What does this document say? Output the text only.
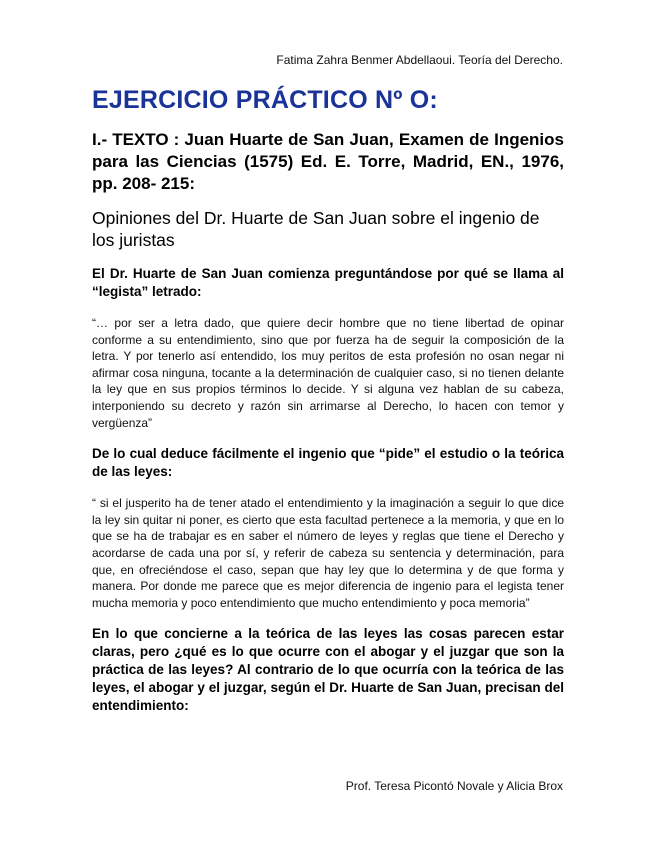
Fatima Zahra Benmer Abdellaoui. Teoría del Derecho.
EJERCICIO PRÁCTICO Nº O:

I.- TEXTO : Juan Huarte de San Juan, Examen de Ingenios para las Ciencias (1575) Ed. E. Torre, Madrid, EN., 1976, pp. 208- 215:

Opiniones del Dr. Huarte de San Juan sobre el ingenio de los juristas

El Dr. Huarte de San Juan comienza preguntándose por qué se llama al “legista” letrado:

“… por ser a letra dado, que quiere decir hombre que no tiene libertad de opinar conforme a su entendimiento, sino que por fuerza ha de seguir la composición de la letra. Y por tenerlo así entendido, los muy peritos de esta profesión no osan negar ni afirmar cosa ninguna, tocante a la determinación de cualquier caso, si no tienen delante la ley que en sus propios términos lo decide. Y si alguna vez hablan de su cabeza, interponiendo su decreto y razón sin arrimarse al Derecho, lo hacen con temor y vergüenza”

De lo cual deduce fácilmente el ingenio que “pide” el estudio o la teórica de las leyes:

“ si el jusperito ha de tener atado el entendimiento y la imaginación a seguir lo que dice la ley sin quitar ni poner, es cierto que esta facultad pertenece a la memoria, y que en lo que se ha de trabajar es en saber el número de leyes y reglas que tiene el Derecho y acordarse de cada una por sí, y referir de cabeza su sentencia y determinación, para que, en ofreciéndose el caso, sepan que hay ley que lo determina y de que forma y manera. Por donde me parece que es mejor diferencia de ingenio para el legista tener mucha memoria y poco entendimiento que mucho entendimiento y poca memoria”

En lo que concierne a la teórica de las leyes las cosas parecen estar claras, pero ¿qué es lo que ocurre con el abogar y el juzgar que son la práctica de las leyes? Al contrario de lo que ocurría con la teórica de las leyes, el abogar y el juzgar, según el Dr. Huarte de San Juan, precisan del entendimiento:

Prof. Teresa Picontó Novale y Alicia Brox
